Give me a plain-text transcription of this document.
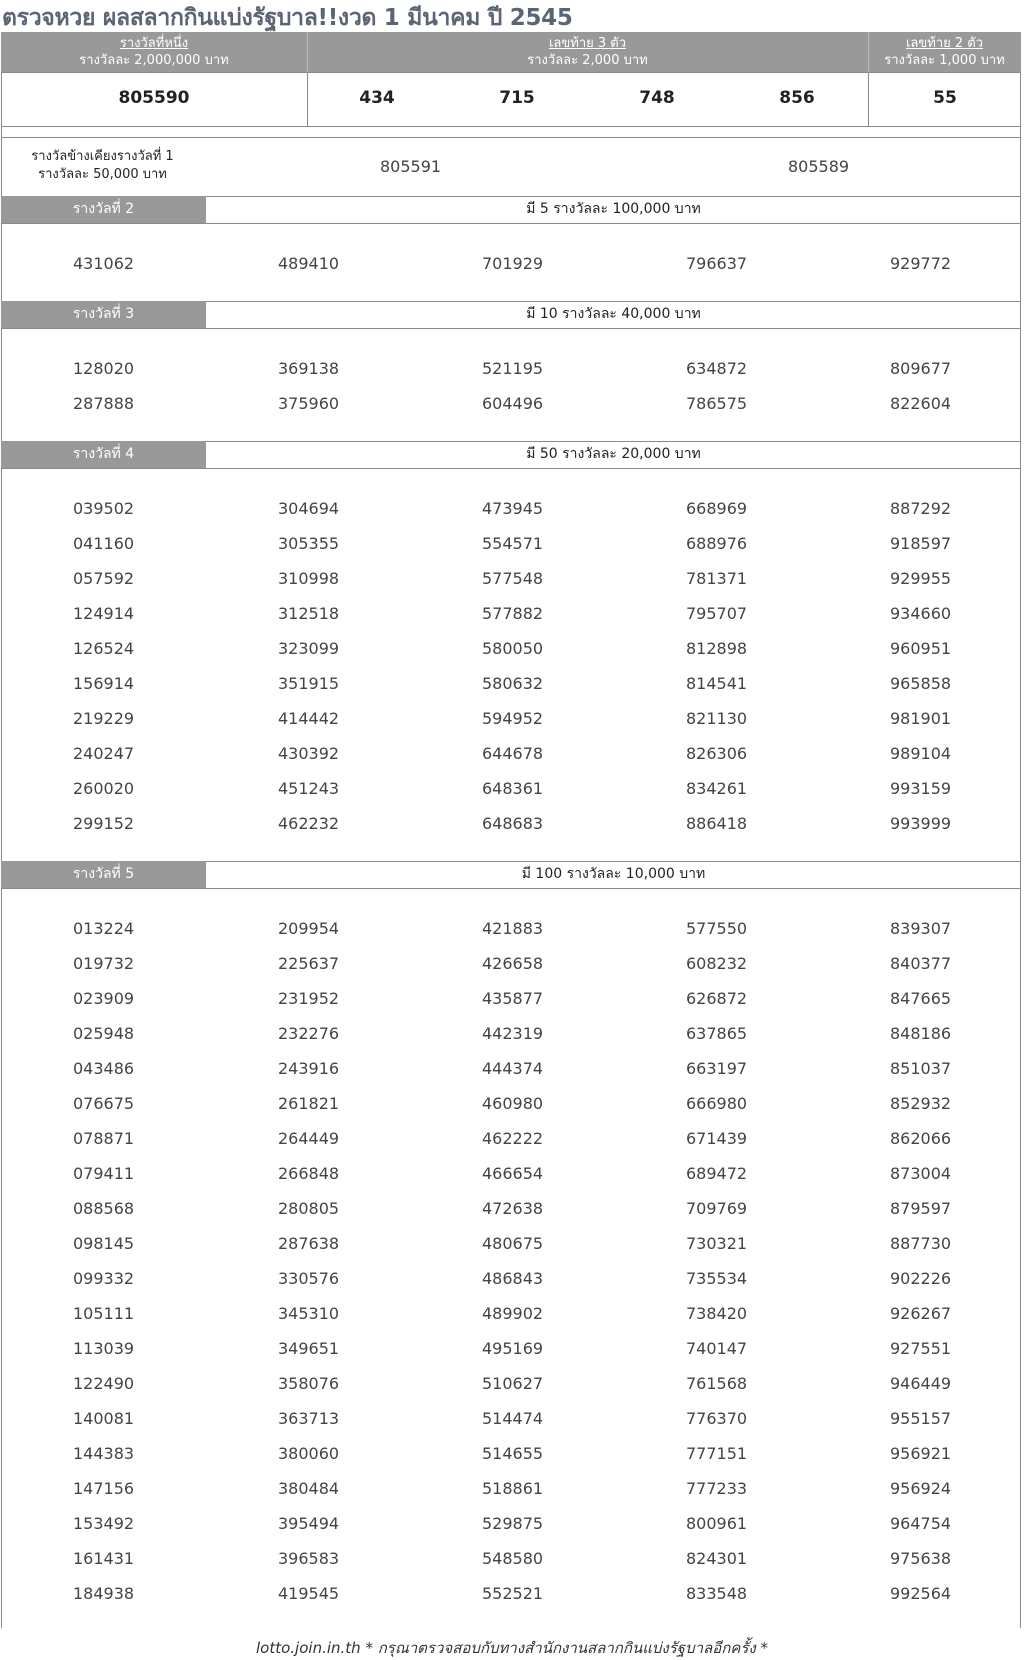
ตรวจหวย ผลสลากกินแบ่งรัฐบาล!!งวด 1 มีนาคม ปี 2545
รางวัลที่หนึ่ง
รางวัลละ 2,000,000 บาท
เลขท้าย 3 ตัว
รางวัลละ 2,000 บาท
เลขท้าย 2 ตัว
รางวัลละ 1,000 บาท
805590	434	715	748	856	55
รางวัลข้างเคียงรางวัลที่ 1
รางวัลละ 50,000 บาท	805591	805589
รางวัลที่ 2	มี 5 รางวัลละ 100,000 บาท
431062	489410	701929	796637	929772
รางวัลที่ 3	มี 10 รางวัลละ 40,000 บาท
128020	369138	521195	634872	809677
287888	375960	604496	786575	822604
รางวัลที่ 4	มี 50 รางวัลละ 20,000 บาท
039502	304694	473945	668969	887292
041160	305355	554571	688976	918597
057592	310998	577548	781371	929955
124914	312518	577882	795707	934660
126524	323099	580050	812898	960951
156914	351915	580632	814541	965858
219229	414442	594952	821130	981901
240247	430392	644678	826306	989104
260020	451243	648361	834261	993159
299152	462232	648683	886418	993999
รางวัลที่ 5	มี 100 รางวัลละ 10,000 บาท
013224	209954	421883	577550	839307
019732	225637	426658	608232	840377
023909	231952	435877	626872	847665
025948	232276	442319	637865	848186
043486	243916	444374	663197	851037
076675	261821	460980	666980	852932
078871	264449	462222	671439	862066
079411	266848	466654	689472	873004
088568	280805	472638	709769	879597
098145	287638	480675	730321	887730
099332	330576	486843	735534	902226
105111	345310	489902	738420	926267
113039	349651	495169	740147	927551
122490	358076	510627	761568	946449
140081	363713	514474	776370	955157
144383	380060	514655	777151	956921
147156	380484	518861	777233	956924
153492	395494	529875	800961	964754
161431	396583	548580	824301	975638
184938	419545	552521	833548	992564
lotto.join.in.th * กรุณาตรวจสอบกับทางสำนักงานสลากกินแบ่งรัฐบาลอีกครั้ง *
